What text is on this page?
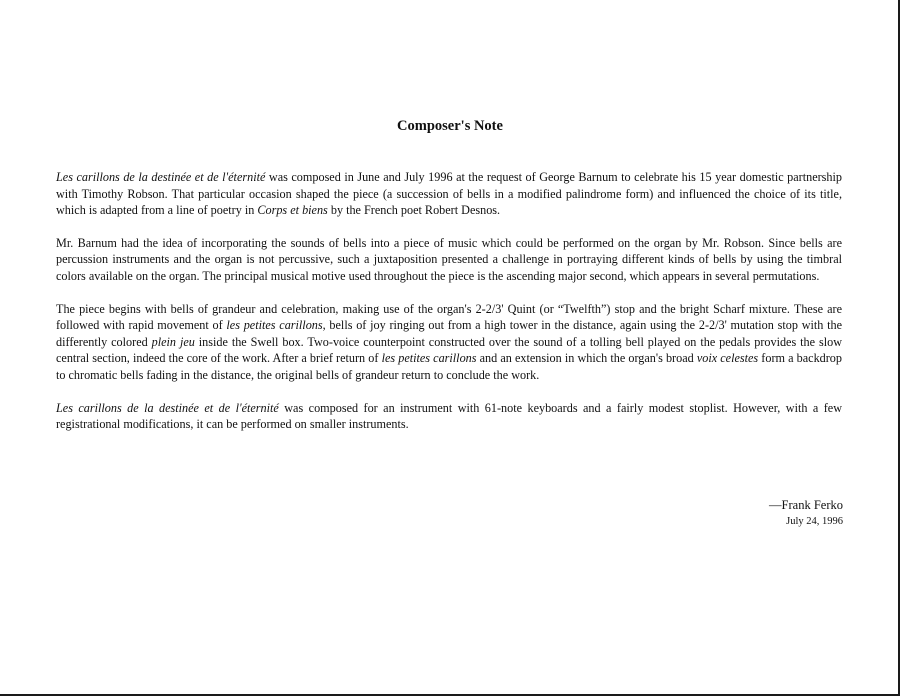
Composer's Note

Les carillons de la destinée et de l'éternité was composed in June and July 1996 at the request of George Barnum to celebrate his 15 year domestic partnership with Timothy Robson. That particular occasion shaped the piece (a succession of bells in a modified palindrome form) and influenced the choice of its title, which is adapted from a line of poetry in Corps et biens by the French poet Robert Desnos.

Mr. Barnum had the idea of incorporating the sounds of bells into a piece of music which could be performed on the organ by Mr. Robson. Since bells are percussion instruments and the organ is not percussive, such a juxtaposition presented a challenge in portraying different kinds of bells by using the timbral colors available on the organ. The principal musical motive used throughout the piece is the ascending major second, which appears in several permutations.

The piece begins with bells of grandeur and celebration, making use of the organ's 2-2/3' Quint (or “Twelfth”) stop and the bright Scharf mixture. These are followed with rapid movement of les petites carillons, bells of joy ringing out from a high tower in the distance, again using the 2-2/3' mutation stop with the differently colored plein jeu inside the Swell box. Two-voice counterpoint constructed over the sound of a tolling bell played on the pedals provides the slow central section, indeed the core of the work. After a brief return of les petites carillons and an extension in which the organ's broad voix celestes form a backdrop to chromatic bells fading in the distance, the original bells of grandeur return to conclude the work.

Les carillons de la destinée et de l'éternité was composed for an instrument with 61-note keyboards and a fairly modest stoplist. However, with a few registrational modifications, it can be performed on smaller instruments.

—Frank Ferko
July 24, 1996
